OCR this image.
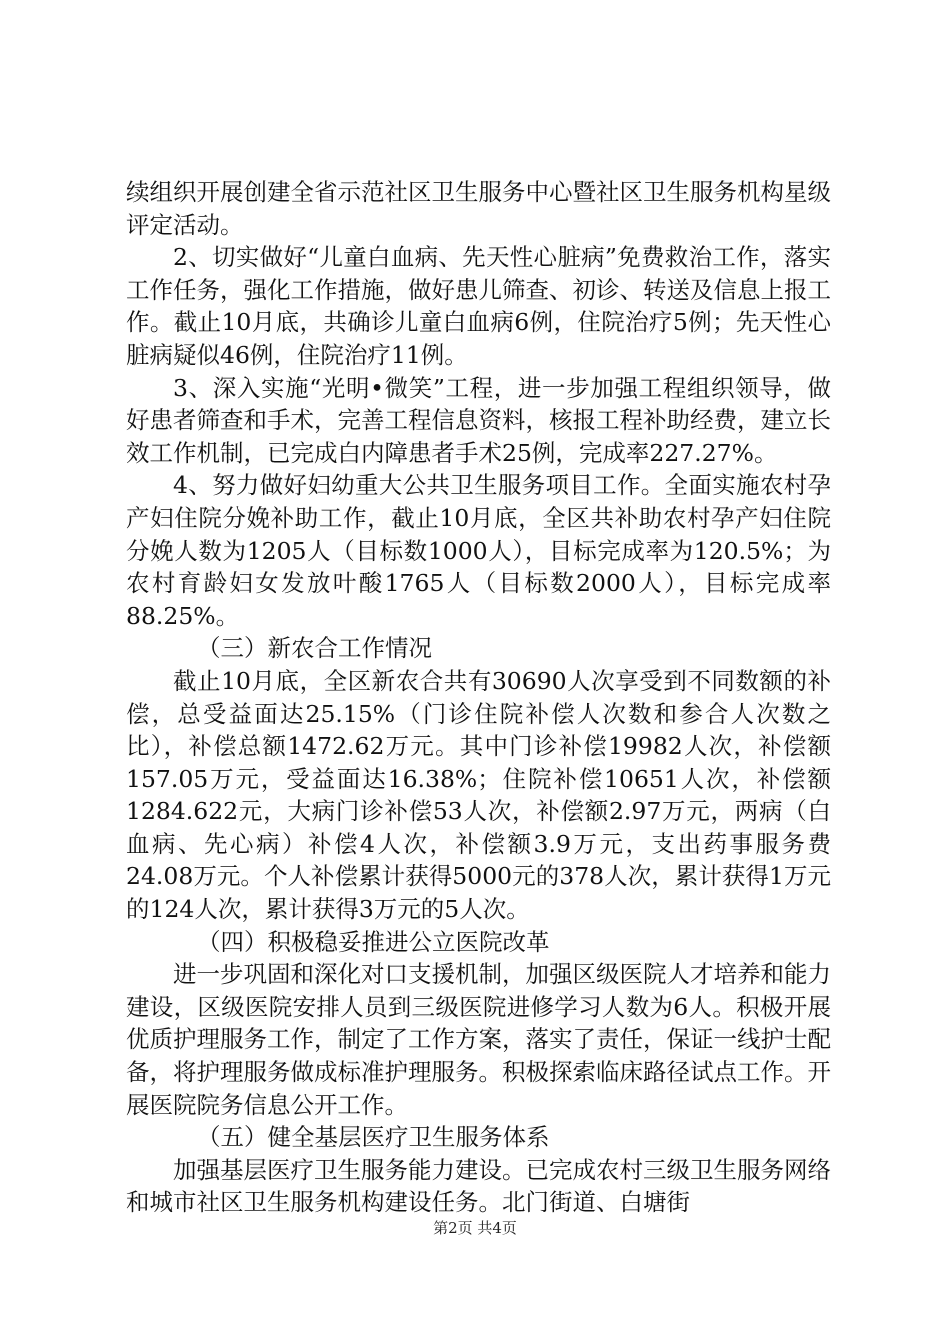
续组织开展创建全省示范社区卫生服务中心暨社区卫生服务机构星级评定活动。

2、切实做好“儿童白血病、先天性心脏病”免费救治工作，落实工作任务，强化工作措施，做好患儿筛查、初诊、转送及信息上报工作。截止10月底，共确诊儿童白血病6例，住院治疗5例；先天性心脏病疑似46例，住院治疗11例。

3、深入实施“光明•微笑”工程，进一步加强工程组织领导，做好患者筛查和手术，完善工程信息资料，核报工程补助经费，建立长效工作机制，已完成白内障患者手术25例，完成率227.27%。

4、努力做好妇幼重大公共卫生服务项目工作。全面实施农村孕产妇住院分娩补助工作，截止10月底，全区共补助农村孕产妇住院分娩人数为1205人（目标数1000人），目标完成率为120.5%；为农村育龄妇女发放叶酸1765人（目标数2000人），目标完成率88.25%。

（三）新农合工作情况

截止10月底，全区新农合共有30690人次享受到不同数额的补偿，总受益面达25.15%（门诊住院补偿人次数和参合人次数之比），补偿总额1472.62万元。其中门诊补偿19982人次，补偿额157.05万元，受益面达16.38%；住院补偿10651人次，补偿额1284.622元，大病门诊补偿53人次，补偿额2.97万元，两病（白血病、先心病）补偿4人次，补偿额3.9万元，支出药事服务费24.08万元。个人补偿累计获得5000元的378人次，累计获得1万元的124人次，累计获得3万元的5人次。

（四）积极稳妥推进公立医院改革

进一步巩固和深化对口支援机制，加强区级医院人才培养和能力建设，区级医院安排人员到三级医院进修学习人数为6人。积极开展优质护理服务工作，制定了工作方案，落实了责任，保证一线护士配备，将护理服务做成标准护理服务。积极探索临床路径试点工作。开展医院院务信息公开工作。

（五）健全基层医疗卫生服务体系

加强基层医疗卫生服务能力建设。已完成农村三级卫生服务网络和城市社区卫生服务机构建设任务。北门街道、白塘街

第2页 共4页
